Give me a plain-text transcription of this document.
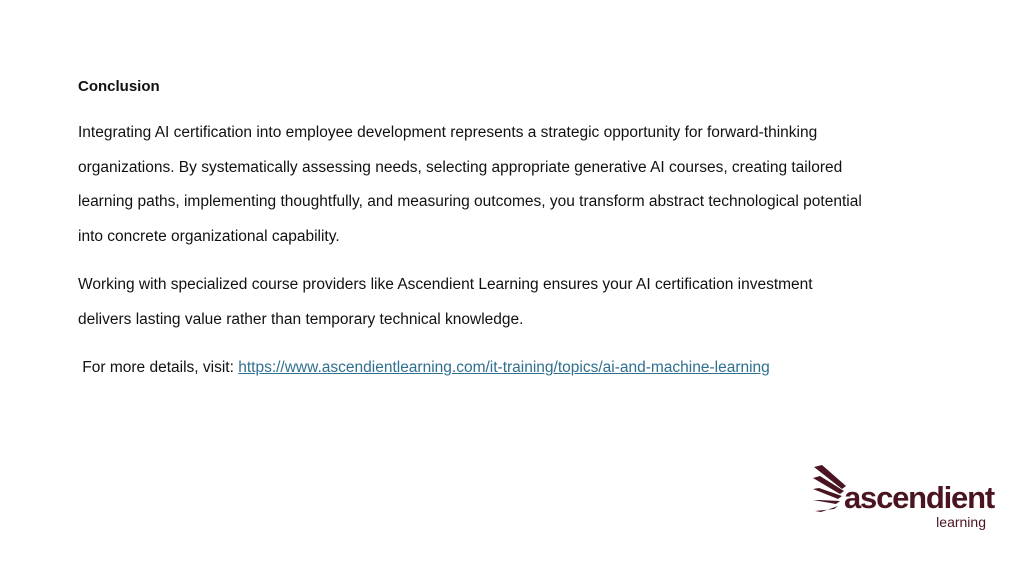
Conclusion

Integrating AI certification into employee development represents a strategic opportunity for forward-thinking organizations. By systematically assessing needs, selecting appropriate generative AI courses, creating tailored learning paths, implementing thoughtfully, and measuring outcomes, you transform abstract technological potential into concrete organizational capability.

Working with specialized course providers like Ascendient Learning ensures your AI certification investment delivers lasting value rather than temporary technical knowledge.

For more details, visit: https://www.ascendientlearning.com/it-training/topics/ai-and-machine-learning

ascendient
learning
